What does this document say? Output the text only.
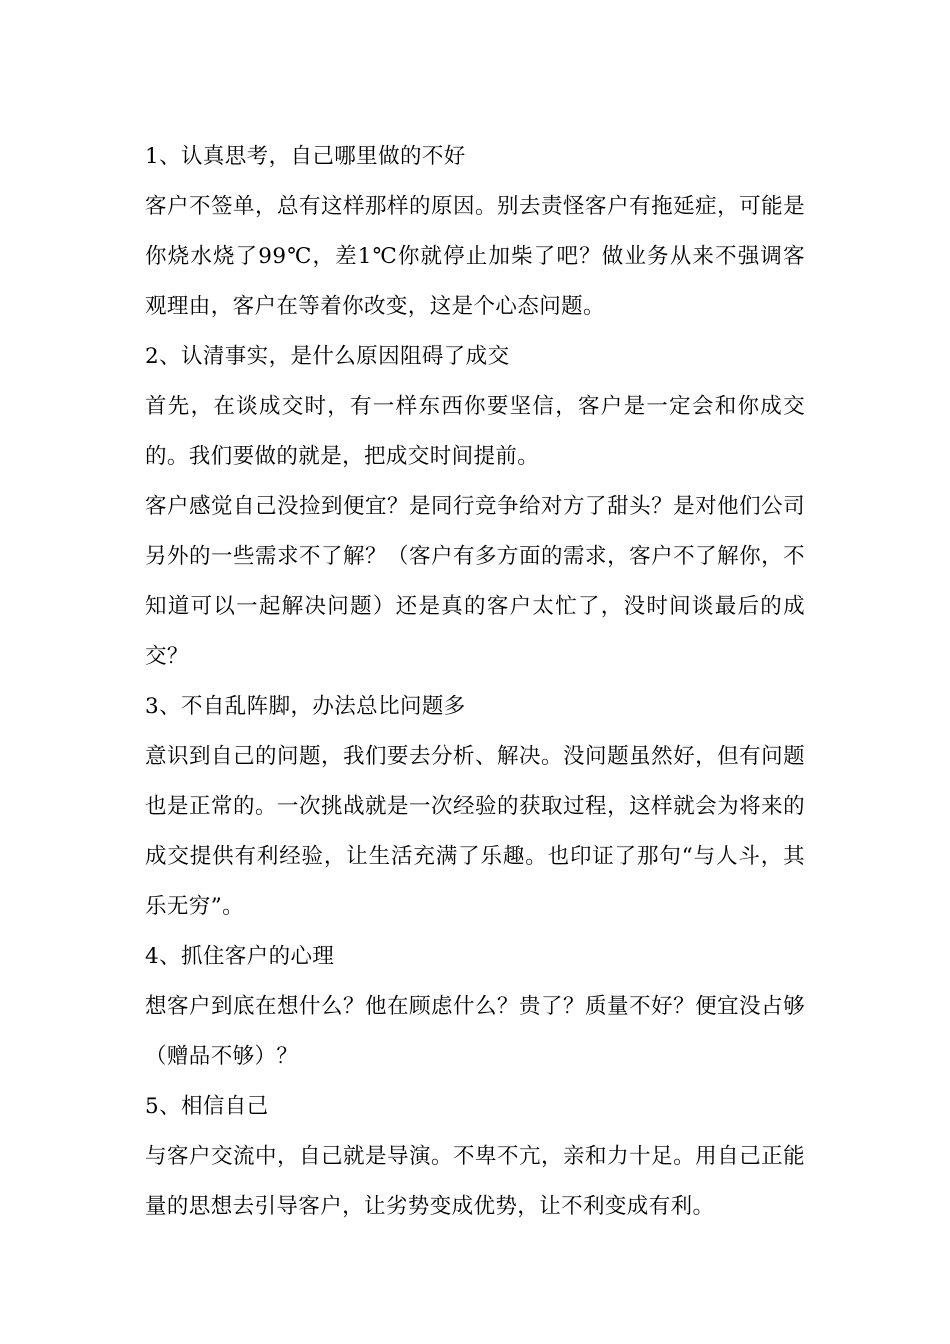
1、认真思考，自己哪里做的不好

客户不签单，总有这样那样的原因。别去责怪客户有拖延症，可能是你烧水烧了99℃，差1℃你就停止加柴了吧？做业务从来不强调客观理由，客户在等着你改变，这是个心态问题。

2、认清事实，是什么原因阻碍了成交

首先，在谈成交时，有一样东西你要坚信，客户是一定会和你成交的。我们要做的就是，把成交时间提前。

客户感觉自己没捡到便宜？是同行竞争给对方了甜头？是对他们公司另外的一些需求不了解？（客户有多方面的需求，客户不了解你，不知道可以一起解决问题）还是真的客户太忙了，没时间谈最后的成交？

3、不自乱阵脚，办法总比问题多

意识到自己的问题，我们要去分析、解决。没问题虽然好，但有问题也是正常的。一次挑战就是一次经验的获取过程，这样就会为将来的成交提供有利经验，让生活充满了乐趣。也印证了那句“与人斗，其乐无穷”。

4、抓住客户的心理

想客户到底在想什么？他在顾虑什么？贵了？质量不好？便宜没占够（赠品不够）？

5、相信自己

与客户交流中，自己就是导演。不卑不亢，亲和力十足。用自己正能量的思想去引导客户，让劣势变成优势，让不利变成有利。
